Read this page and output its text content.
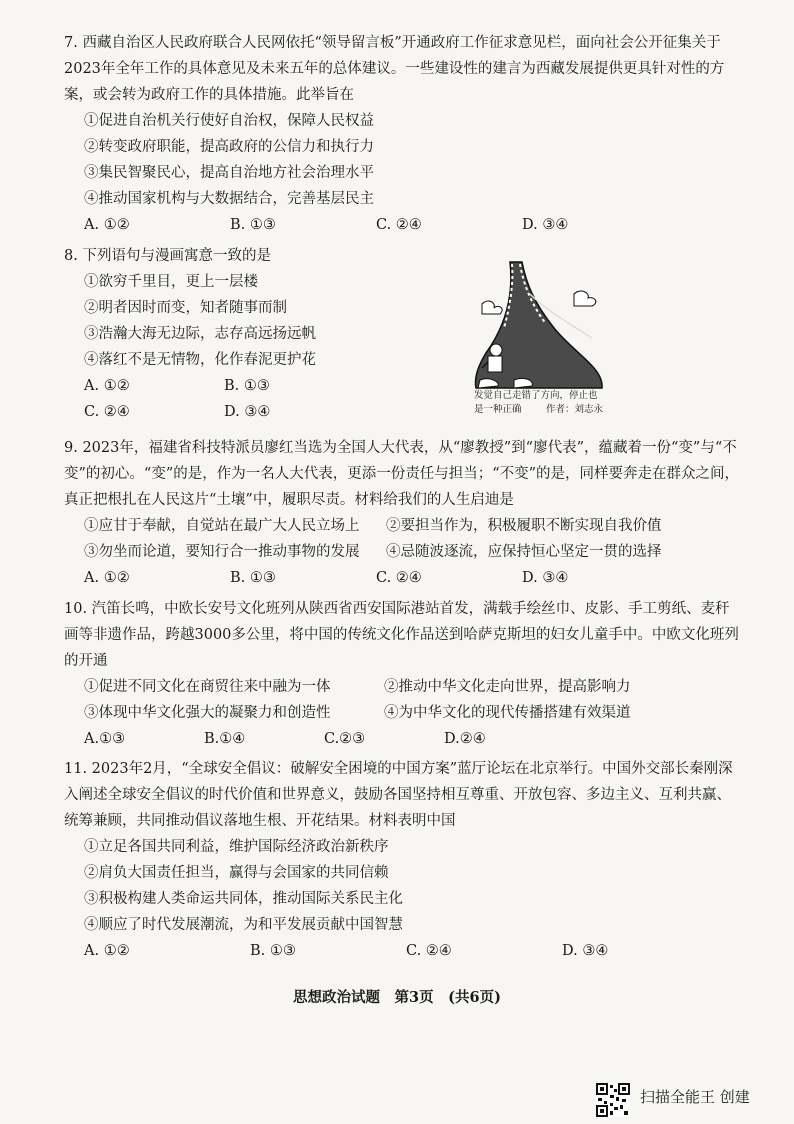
7. 西藏自治区人民政府联合人民网依托“领导留言板”开通政府工作征求意见栏，面向社会公开征集关于2023年全年工作的具体意见及未来五年的总体建议。一些建设性的建言为西藏发展提供更具针对性的方案，或会转为政府工作的具体措施。此举旨在
①促进自治机关行使好自治权，保障人民权益
②转变政府职能，提高政府的公信力和执行力
③集民智聚民心，提高自治地方社会治理水平
④推动国家机构与大数据结合，完善基层民主
A. ①②	B. ①③	C. ②④	D. ③④
8. 下列语句与漫画寓意一致的是
①欲穷千里目，更上一层楼
②明者因时而变，知者随事而制
③浩瀚大海无边际，志存高远扬远帆
④落红不是无情物，化作春泥更护花
A. ①②	B. ①③
C. ②④	D. ③④
发觉自己走错了方向，停止也
是一种正确	作者：刘志永
9. 2023年，福建省科技特派员廖红当选为全国人大代表，从“廖教授”到“廖代表”，蕴藏着一份“变”与“不变”的初心。“变”的是，作为一名人大代表，更添一份责任与担当；“不变”的是，同样要奔走在群众之间，真正把根扎在人民这片“土壤”中，履职尽责。材料给我们的人生启迪是
①应甘于奉献，自觉站在最广大人民立场上	②要担当作为，积极履职不断实现自我价值
③勿坐而论道，要知行合一推动事物的发展	④忌随波逐流，应保持恒心坚定一贯的选择
A. ①②	B. ①③	C. ②④	D. ③④
10. 汽笛长鸣，中欧长安号文化班列从陕西省西安国际港站首发，满载手绘丝巾、皮影、手工剪纸、麦秆画等非遗作品，跨越3000多公里，将中国的传统文化作品送到哈萨克斯坦的妇女儿童手中。中欧文化班列的开通
①促进不同文化在商贸往来中融为一体	②推动中华文化走向世界，提高影响力
③体现中华文化强大的凝聚力和创造性	④为中华文化的现代传播搭建有效渠道
A.①③	B.①④	C.②③	D.②④
11. 2023年2月，“全球安全倡议：破解安全困境的中国方案”蓝厅论坛在北京举行。中国外交部长秦刚深入阐述全球安全倡议的时代价值和世界意义，鼓励各国坚持相互尊重、开放包容、多边主义、互利共赢、统筹兼顾，共同推动倡议落地生根、开花结果。材料表明中国
①立足各国共同利益，维护国际经济政治新秩序
②肩负大国责任担当，赢得与会国家的共同信赖
③积极构建人类命运共同体，推动国际关系民主化
④顺应了时代发展潮流，为和平发展贡献中国智慧
A. ①②	B. ①③	C. ②④	D. ③④
思想政治试题　第3页　(共6页)
扫描全能王 创建
